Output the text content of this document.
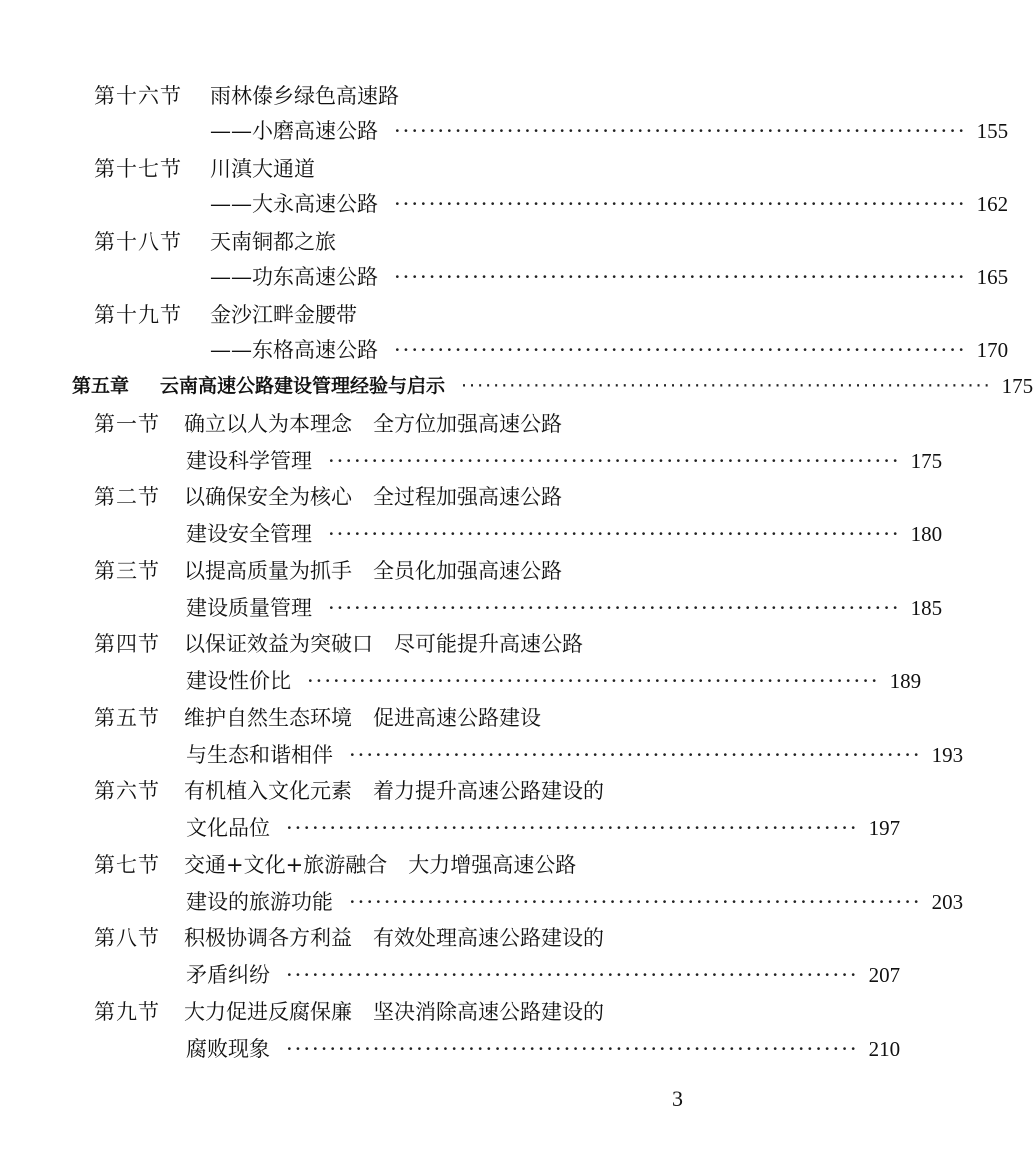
第十六节 雨林傣乡绿色高速路
——小磨高速公路 ·································································· 155
第十七节 川滇大通道
——大永高速公路 ·································································· 162
第十八节 天南铜都之旅
——功东高速公路 ·································································· 165
第十九节 金沙江畔金腰带
——东格高速公路 ·································································· 170
第五章 云南高速公路建设管理经验与启示 ·································································· 175
第一节 确立以人为本理念　全方位加强高速公路
建设科学管理 ·································································· 175
第二节 以确保安全为核心　全过程加强高速公路
建设安全管理 ·································································· 180
第三节 以提高质量为抓手　全员化加强高速公路
建设质量管理 ·································································· 185
第四节 以保证效益为突破口　尽可能提升高速公路
建设性价比 ·································································· 189
第五节 维护自然生态环境　促进高速公路建设
与生态和谐相伴 ·································································· 193
第六节 有机植入文化元素　着力提升高速公路建设的
文化品位 ·································································· 197
第七节 交通+文化+旅游融合　大力增强高速公路
建设的旅游功能 ·································································· 203
第八节 积极协调各方利益　有效处理高速公路建设的
矛盾纠纷 ·································································· 207
第九节 大力促进反腐保廉　坚决消除高速公路建设的
腐败现象 ·································································· 210
3
